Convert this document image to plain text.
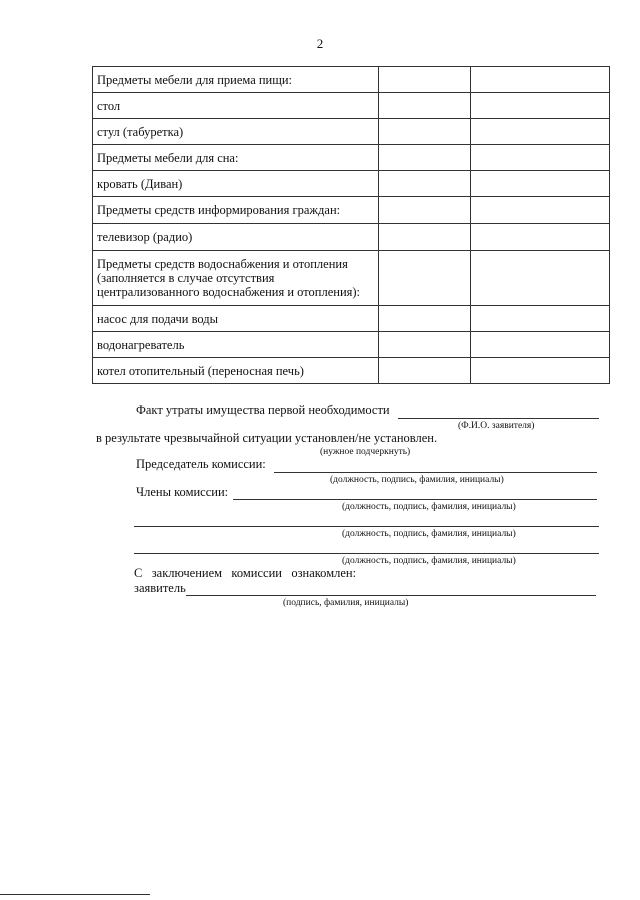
2
Предметы мебели для приема пищи:		
стол		
стул (табуретка)		
Предметы мебели для сна:		
кровать (Диван)		
Предметы средств информирования граждан:		
телевизор (радио)		
Предметы средств водоснабжения и отопления (заполняется в случае отсутствия централизованного водоснабжения и отопления):		
насос для подачи воды		
водонагреватель		
котел отопительный (переносная печь)		
Факт утраты имущества первой необходимости
(Ф.И.О. заявителя)
в результате чрезвычайной ситуации установлен/не установлен.
(нужное подчеркнуть)
Председатель комиссии:
(должность, подпись, фамилия, инициалы)
Члены комиссии:
(должность, подпись, фамилия, инициалы)
(должность, подпись, фамилия, инициалы)
(должность, подпись, фамилия, инициалы)
С   заключением   комиссии   ознакомлен:
заявитель
(подпись, фамилия, инициалы)
